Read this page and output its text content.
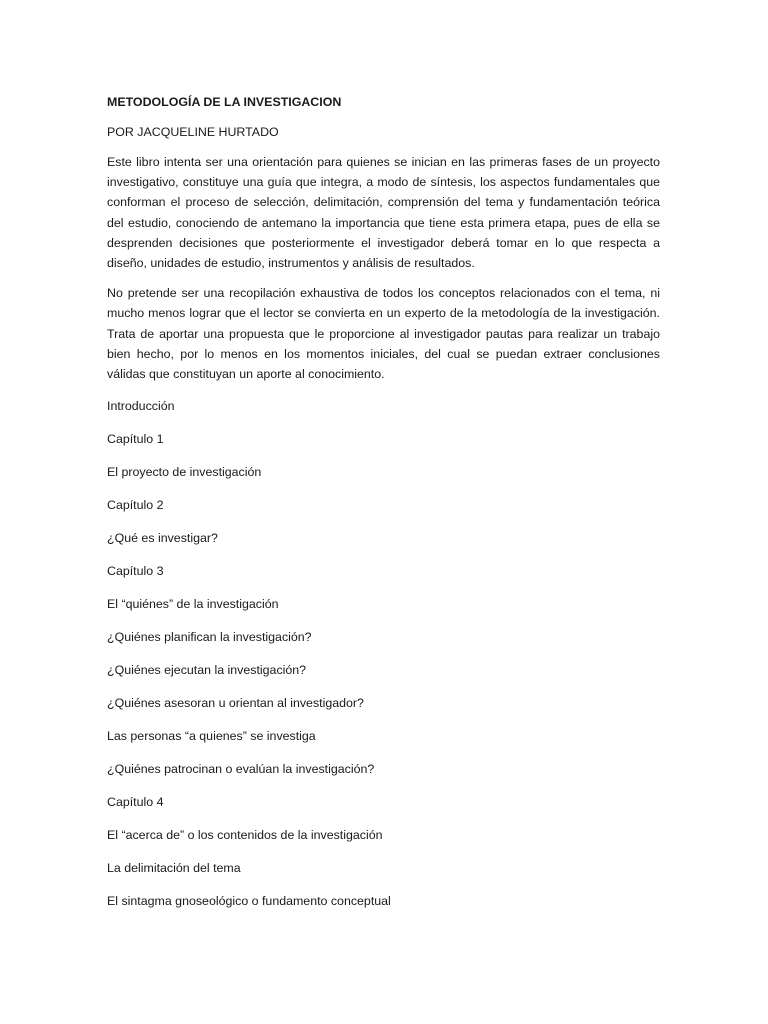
METODOLOGÍA DE LA INVESTIGACION
POR JACQUELINE HURTADO

Este libro intenta ser una orientación para quienes se inician en las primeras fases de un proyecto investigativo, constituye una guía que integra, a modo de síntesis, los aspectos fundamentales que conforman el proceso de selección, delimitación, comprensión del tema y fundamentación teórica del estudio, conociendo de antemano la importancia que tiene esta primera etapa, pues de ella se desprenden decisiones que posteriormente el investigador deberá tomar en lo que respecta a diseño, unidades de estudio, instrumentos y análisis de resultados.

No pretende ser una recopilación exhaustiva de todos los conceptos relacionados con el tema, ni mucho menos lograr que el lector se convierta en un experto de la metodología de la investigación. Trata de aportar una propuesta que le proporcione al investigador pautas para realizar un trabajo bien hecho, por lo menos en los momentos iniciales, del cual se puedan extraer conclusiones válidas que constituyan un aporte al conocimiento.

Introducción
Capítulo 1
El proyecto de investigación
Capítulo 2
¿Qué es investigar?
Capítulo 3
El “quiénes” de la investigación
¿Quiénes planifican la investigación?
¿Quiénes ejecutan la investigación?
¿Quiénes asesoran u orientan al investigador?
Las personas “a quienes” se investiga
¿Quiénes patrocinan o evalúan la investigación?
Capítulo 4
El “acerca de” o los contenidos de la investigación
La delimitación del tema
El sintagma gnoseológico o fundamento conceptual
